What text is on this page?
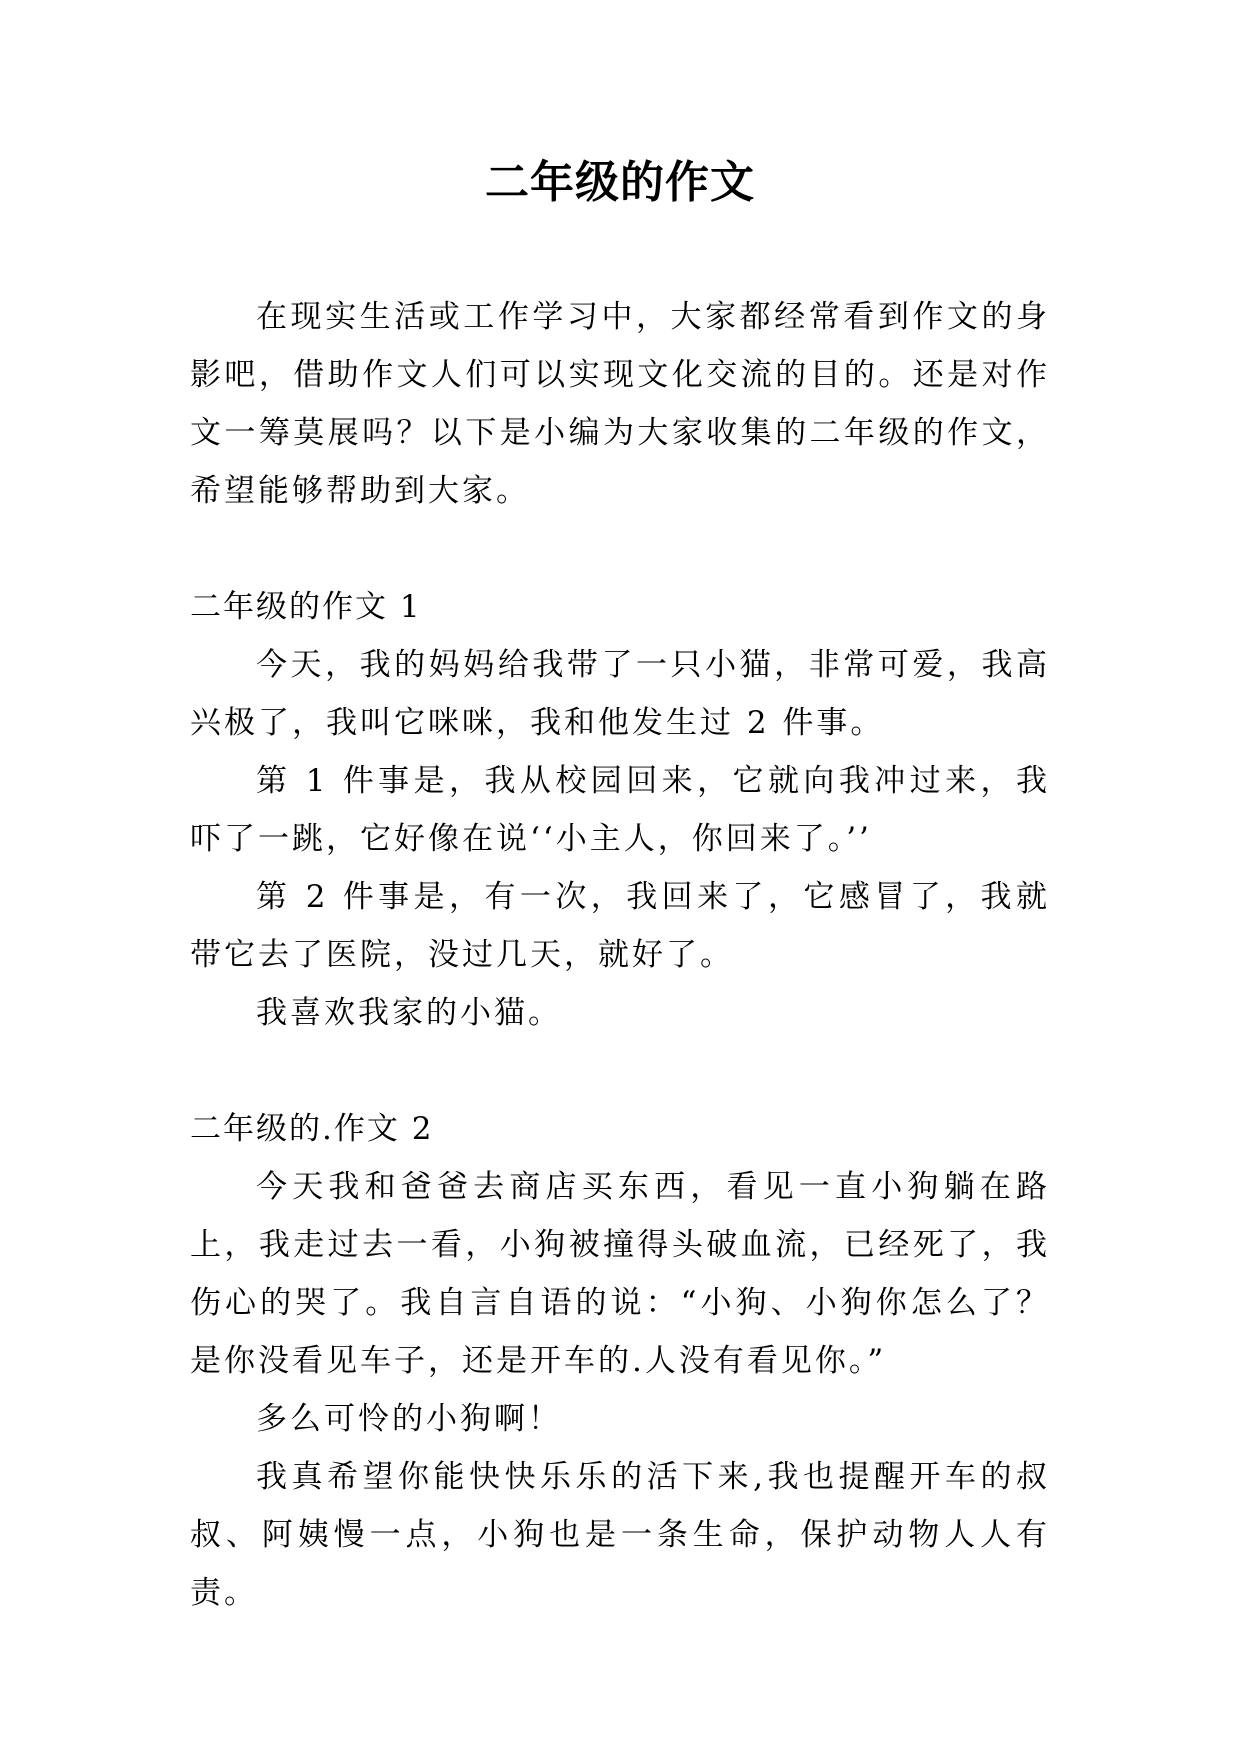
二年级的作文

在现实生活或工作学习中，大家都经常看到作文的身影吧，借助作文人们可以实现文化交流的目的。还是对作文一筹莫展吗？以下是小编为大家收集的二年级的作文，希望能够帮助到大家。

二年级的作文 1

今天，我的妈妈给我带了一只小猫，非常可爱，我高兴极了，我叫它咪咪，我和他发生过 2 件事。

第 1 件事是，我从校园回来，它就向我冲过来，我吓了一跳，它好像在说‘‘小主人，你回来了。’’

第 2 件事是，有一次，我回来了，它感冒了，我就带它去了医院，没过几天，就好了。

我喜欢我家的小猫。

二年级的.作文 2

今天我和爸爸去商店买东西，看见一直小狗躺在路上，我走过去一看，小狗被撞得头破血流，已经死了，我伤心的哭了。我自言自语的说：“小狗、小狗你怎么了？是你没看见车子，还是开车的.人没有看见你。”

多么可怜的小狗啊！

我真希望你能快快乐乐的活下来,我也提醒开车的叔叔、阿姨慢一点，小狗也是一条生命，保护动物人人有责。
